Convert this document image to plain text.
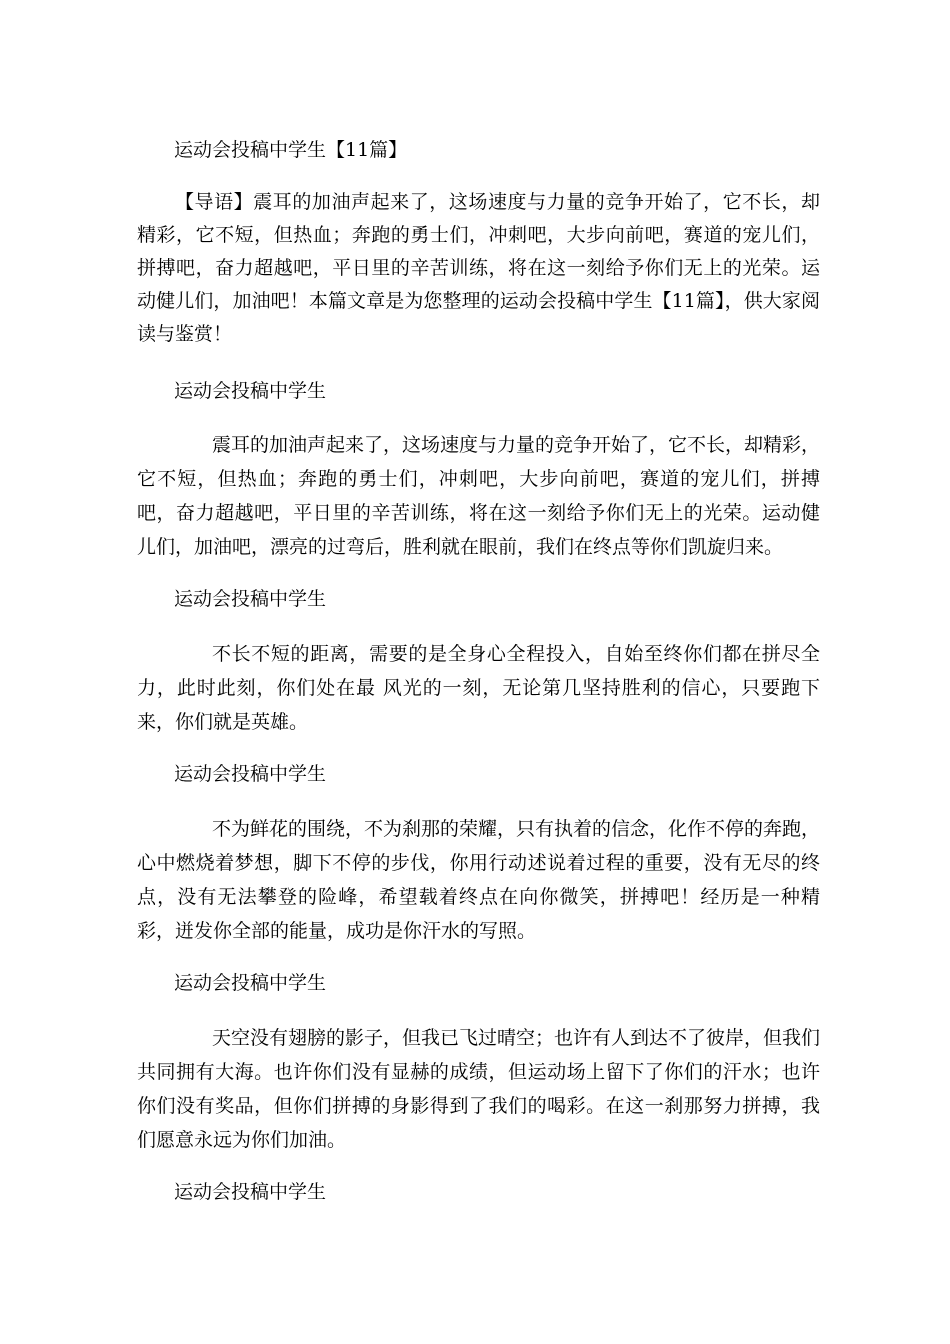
运动会投稿中学生【11篇】

【导语】震耳的加油声起来了，这场速度与力量的竞争开始了，它不长，却精彩，它不短，但热血；奔跑的勇士们，冲刺吧，大步向前吧，赛道的宠儿们，拼搏吧，奋力超越吧，平日里的辛苦训练，将在这一刻给予你们无上的光荣。运动健儿们，加油吧！本篇文章是为您整理的运动会投稿中学生【11篇】，供大家阅读与鉴赏！

运动会投稿中学生

震耳的加油声起来了，这场速度与力量的竞争开始了，它不长，却精彩，它不短，但热血；奔跑的勇士们，冲刺吧，大步向前吧，赛道的宠儿们，拼搏吧，奋力超越吧，平日里的辛苦训练，将在这一刻给予你们无上的光荣。运动健儿们，加油吧，漂亮的过弯后，胜利就在眼前，我们在终点等你们凯旋归来。

运动会投稿中学生

不长不短的距离，需要的是全身心全程投入，自始至终你们都在拼尽全力，此时此刻，你们处在最 风光的一刻，无论第几坚持胜利的信心，只要跑下来，你们就是英雄。

运动会投稿中学生

不为鲜花的围绕，不为刹那的荣耀，只有执着的信念，化作不停的奔跑，心中燃烧着梦想，脚下不停的步伐，你用行动述说着过程的重要，没有无尽的终点，没有无法攀登的险峰，希望载着终点在向你微笑，拼搏吧！经历是一种精彩，迸发你全部的能量，成功是你汗水的写照。

运动会投稿中学生

天空没有翅膀的影子，但我已飞过晴空；也许有人到达不了彼岸，但我们共同拥有大海。也许你们没有显赫的成绩，但运动场上留下了你们的汗水；也许你们没有奖品，但你们拼搏的身影得到了我们的喝彩。在这一刹那努力拼搏，我们愿意永远为你们加油。

运动会投稿中学生
